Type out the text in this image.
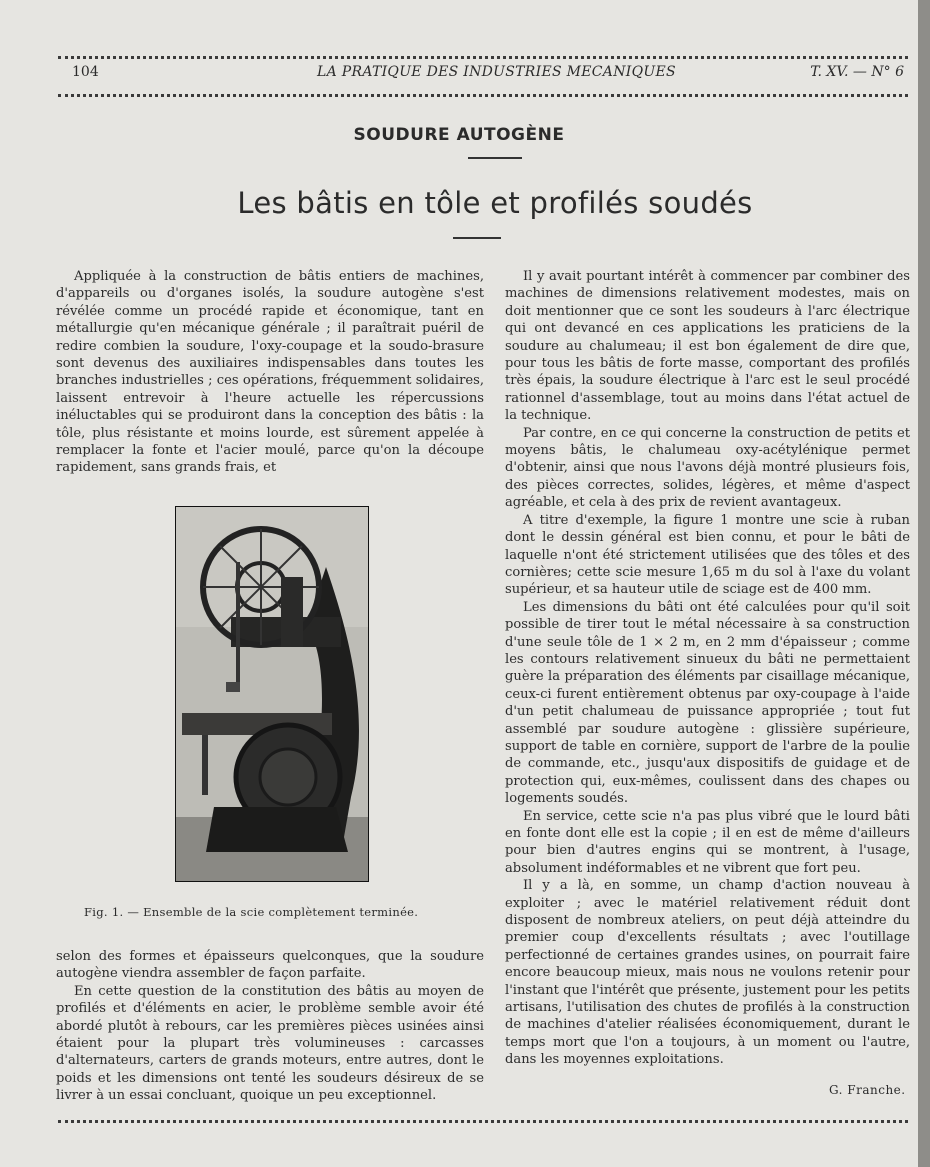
104	LA PRATIQUE DES INDUSTRIES MECANIQUES	T. XV. — N° 6
SOUDURE AUTOGÈNE
Les bâtis en tôle et profilés soudés

Appliquée à la construction de bâtis entiers de machines, d'appareils ou d'organes isolés, la soudure autogène s'est révélée comme un procédé rapide et économique, tant en métallurgie qu'en mécanique générale ; il paraîtrait puéril de redire combien la soudure, l'oxy-coupage et la soudo-brasure sont devenus des auxiliaires indispensables dans toutes les branches industrielles ; ces opérations, fréquemment solidaires, laissent entrevoir à l'heure actuelle les répercussions inéluctables qui se produiront dans la conception des bâtis : la tôle, plus résistante et moins lourde, est sûrement appelée à remplacer la fonte et l'acier moulé, parce qu'on la découpe rapidement, sans grands frais, et

Fig. 1. — Ensemble de la scie complètement terminée.

selon des formes et épaisseurs quelconques, que la soudure autogène viendra assembler de façon parfaite.

En cette question de la constitution des bâtis au moyen de profilés et d'éléments en acier, le problème semble avoir été abordé plutôt à rebours, car les premières pièces usinées ainsi étaient pour la plupart très volumineuses : carcasses d'alternateurs, carters de grands moteurs, entre autres, dont le poids et les dimensions ont tenté les soudeurs désireux de se livrer à un essai concluant, quoique un peu exceptionnel.

Il y avait pourtant intérêt à commencer par combiner des machines de dimensions relativement modestes, mais on doit mentionner que ce sont les soudeurs à l'arc électrique qui ont devancé en ces applications les praticiens de la soudure au chalumeau; il est bon également de dire que, pour tous les bâtis de forte masse, comportant des profilés très épais, la soudure électrique à l'arc est le seul procédé rationnel d'assemblage, tout au moins dans l'état actuel de la technique.

Par contre, en ce qui concerne la construction de petits et moyens bâtis, le chalumeau oxy-acétylénique permet d'obtenir, ainsi que nous l'avons déjà montré plusieurs fois, des pièces correctes, solides, légères, et même d'aspect agréable, et cela à des prix de revient avantageux.

A titre d'exemple, la figure 1 montre une scie à ruban dont le dessin général est bien connu, et pour le bâti de laquelle n'ont été strictement utilisées que des tôles et des cornières; cette scie mesure 1,65 m du sol à l'axe du volant supérieur, et sa hauteur utile de sciage est de 400 mm.

Les dimensions du bâti ont été calculées pour qu'il soit possible de tirer tout le métal nécessaire à sa construction d'une seule tôle de 1 × 2 m, en 2 mm d'épaisseur ; comme les contours relativement sinueux du bâti ne permettaient guère la préparation des éléments par cisaillage mécanique, ceux-ci furent entièrement obtenus par oxy-coupage à l'aide d'un petit chalumeau de puissance appropriée ; tout fut assemblé par soudure autogène : glissière supérieure, support de table en cornière, support de l'arbre de la poulie de commande, etc., jusqu'aux dispositifs de guidage et de protection qui, eux-mêmes, coulissent dans des chapes ou logements soudés.

En service, cette scie n'a pas plus vibré que le lourd bâti en fonte dont elle est la copie ; il en est de même d'ailleurs pour bien d'autres engins qui se montrent, à l'usage, absolument indéformables et ne vibrent que fort peu.

Il y a là, en somme, un champ d'action nouveau à exploiter ; avec le matériel relativement réduit dont disposent de nombreux ateliers, on peut déjà atteindre du premier coup d'excellents résultats ; avec l'outillage perfectionné de certaines grandes usines, on pourrait faire encore beaucoup mieux, mais nous ne voulons retenir pour l'instant que l'intérêt que présente, justement pour les petits artisans, l'utilisation des chutes de profilés à la construction de machines d'atelier réalisées économiquement, durant le temps mort que l'on a toujours, à un moment ou l'autre, dans les moyennes exploitations.

G. Franche.
